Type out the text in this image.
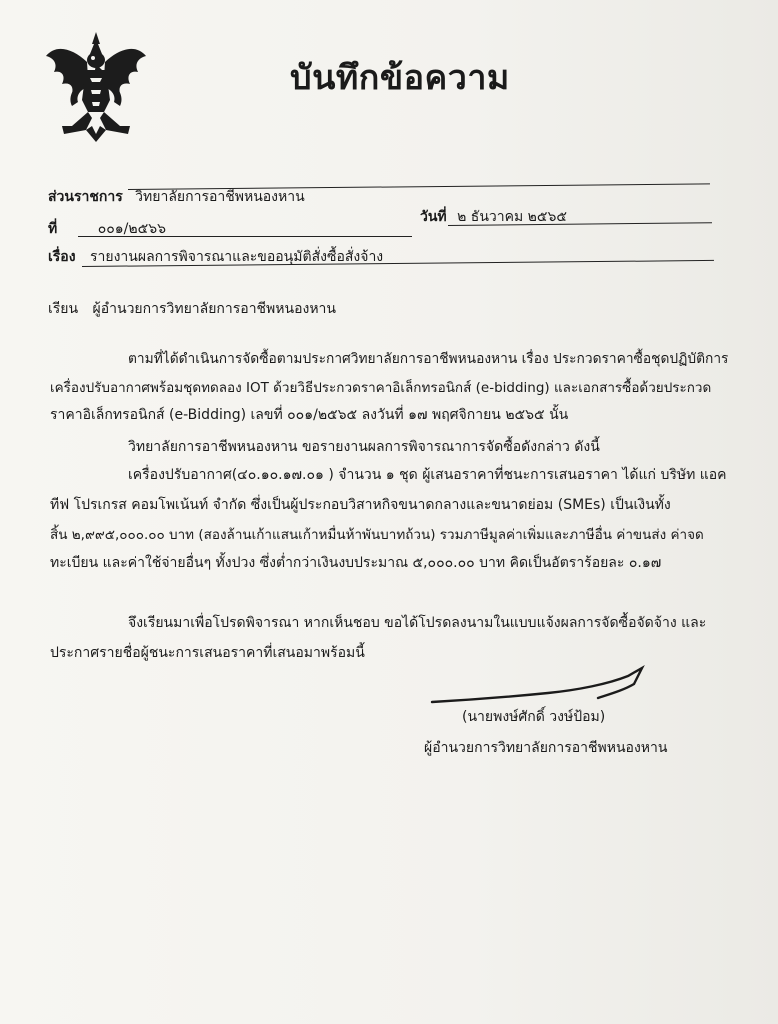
บันทึกข้อความ
ส่วนราชการ วิทยาลัยการอาชีพหนองหาน
ที่	๐๐๑/๒๕๖๖
วันที่ ๒ ธันวาคม ๒๕๖๕
เรื่อง รายงานผลการพิจารณาและขออนุมัติสั่งซื้อสั่งจ้าง
เรียน ผู้อำนวยการวิทยาลัยการอาชีพหนองหาน
ตามที่ได้ดำเนินการจัดซื้อตามประกาศวิทยาลัยการอาชีพหนองหาน เรื่อง ประกวดราคาซื้อชุดปฏิบัติการ
เครื่องปรับอากาศพร้อมชุดทดลอง IOT ด้วยวิธีประกวดราคาอิเล็กทรอนิกส์ (e-bidding) และเอกสารซื้อด้วยประกวด
ราคาอิเล็กทรอนิกส์ (e-Bidding) เลขที่ ๐๐๑/๒๕๖๕ ลงวันที่ ๑๗ พฤศจิกายน ๒๕๖๕ นั้น
วิทยาลัยการอาชีพหนองหาน ขอรายงานผลการพิจารณาการจัดซื้อดังกล่าว ดังนี้
เครื่องปรับอากาศ(๔๐.๑๐.๑๗.๐๑ ) จำนวน ๑ ชุด ผู้เสนอราคาที่ชนะการเสนอราคา ได้แก่ บริษัท แอค
ทีฟ โปรเกรส คอมโพเน้นท์ จำกัด ซึ่งเป็นผู้ประกอบวิสาหกิจขนาดกลางและขนาดย่อม (SMEs) เป็นเงินทั้ง
สิ้น ๒,๙๙๕,๐๐๐.๐๐ บาท (สองล้านเก้าแสนเก้าหมื่นห้าพันบาทถ้วน) รวมภาษีมูลค่าเพิ่มและภาษีอื่น ค่าขนส่ง ค่าจด
ทะเบียน และค่าใช้จ่ายอื่นๆ ทั้งปวง ซึ่งต่ำกว่าเงินงบประมาณ ๕,๐๐๐.๐๐ บาท คิดเป็นอัตราร้อยละ ๐.๑๗
จึงเรียนมาเพื่อโปรดพิจารณา หากเห็นชอบ ขอได้โปรดลงนามในแบบแจ้งผลการจัดซื้อจัดจ้าง และ
ประกาศรายชื่อผู้ชนะการเสนอราคาที่เสนอมาพร้อมนี้
(นายพงษ์ศักดิ์ วงษ์ป้อม)
ผู้อำนวยการวิทยาลัยการอาชีพหนองหาน
